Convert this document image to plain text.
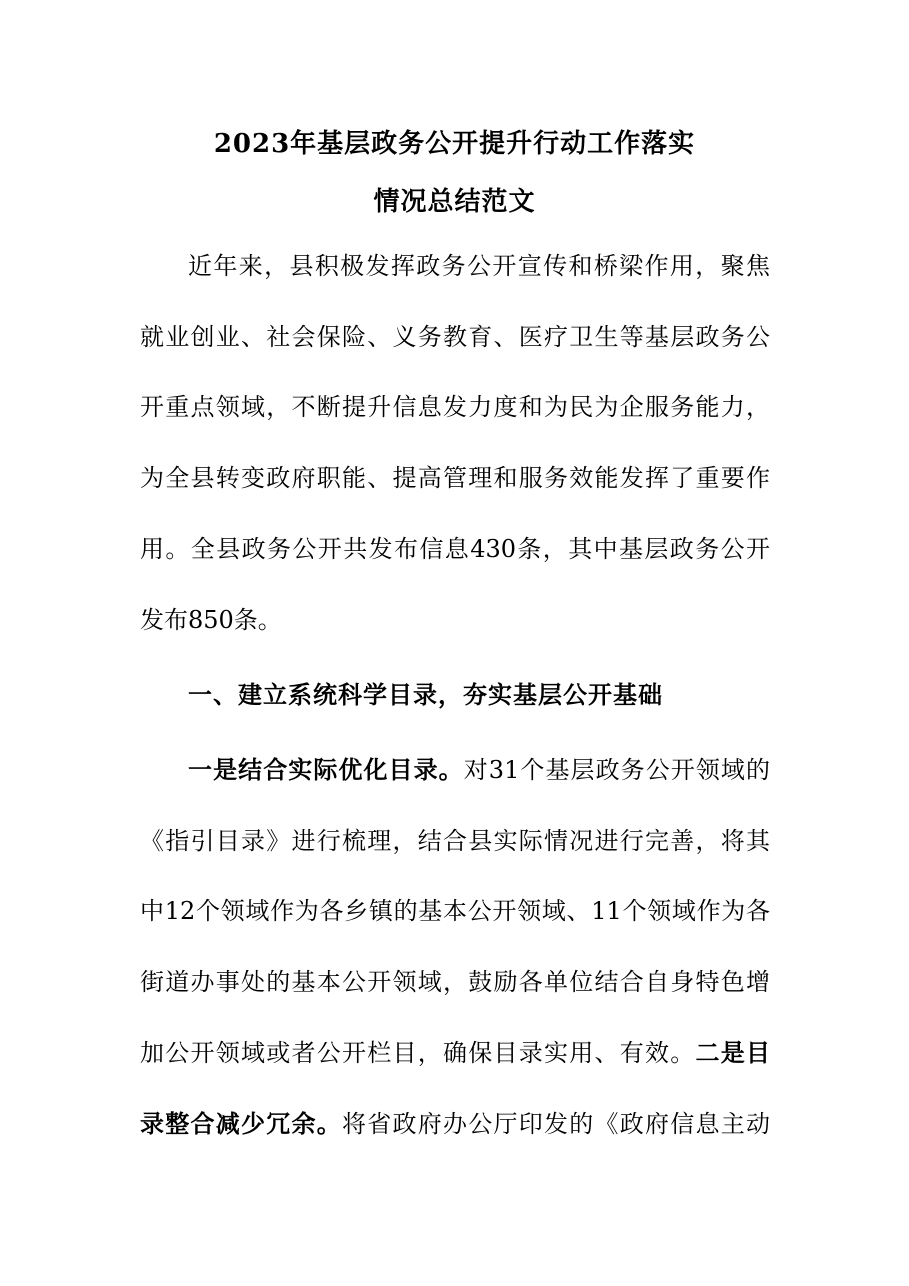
2023年基层政务公开提升行动工作落实
情况总结范文
近年来，县积极发挥政务公开宣传和桥梁作用，聚焦
就业创业、社会保险、义务教育、医疗卫生等基层政务公
开重点领域，不断提升信息发力度和为民为企服务能力，
为全县转变政府职能、提高管理和服务效能发挥了重要作
用。全县政务公开共发布信息430条，其中基层政务公开
发布850条。
一、建立系统科学目录，夯实基层公开基础
一是结合实际优化目录。对31个基层政务公开领域的
《指引目录》进行梳理，结合县实际情况进行完善，将其
中12个领域作为各乡镇的基本公开领域、11个领域作为各
街道办事处的基本公开领域，鼓励各单位结合自身特色增
加公开领域或者公开栏目，确保目录实用、有效。二是目
录整合减少冗余。将省政府办公厅印发的《政府信息主动
